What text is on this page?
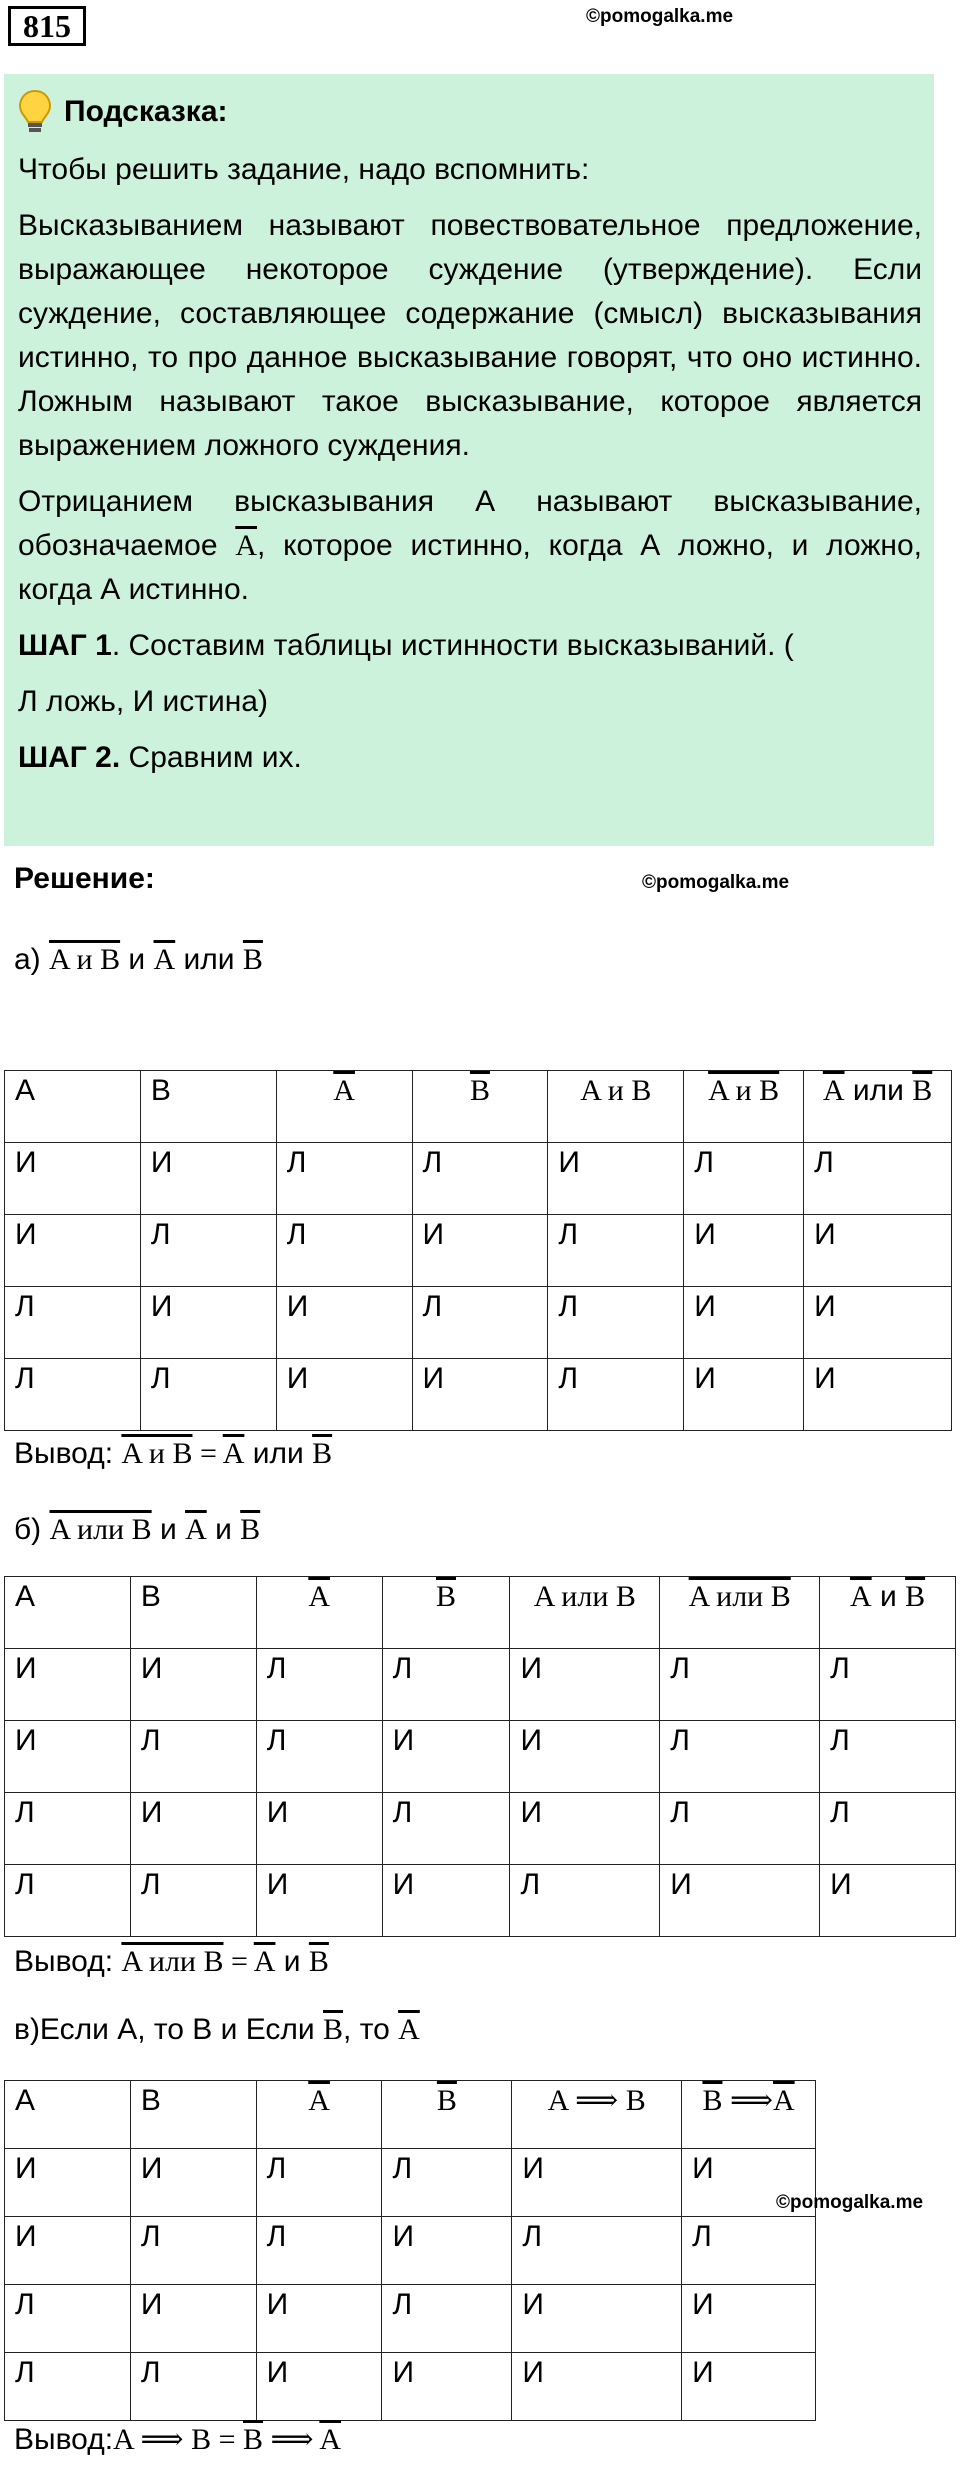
815	©pomogalka.me
Подсказка:

Чтобы решить задание, надо вспомнить:

Высказыванием называют повествовательное предложение, выражающее некоторое суждение (утверждение). Если суждение, составляющее содержание (смысл) высказывания истинно, то про данное высказывание говорят, что оно истинно. Ложным называют такое высказывание, которое является выражением ложного суждения.

Отрицанием высказывания А называют высказывание, обозначаемое $\overline{A}$, которое истинно, когда А ложно, и ложно, когда А истинно.

ШАГ 1. Составим таблицы истинности высказываний. (

Л ложь, И истина)

ШАГ 2. Сравним их.

Решение:	©pomogalka.me
а) A и B и $\overline{A}$ или $\overline{B}$
A	B	$\overline{A}$	$\overline{B}$	A и B	A и B	$\overline{A}$ или $\overline{B}$
И	И	Л	Л	И	Л	Л
И	Л	Л	И	Л	И	И
Л	И	И	Л	Л	И	И
Л	Л	И	И	Л	И	И
Вывод: A и $B = \overline{A}$ или $\overline{B}$
б) A или B и $\overline{A}$ и $\overline{B}$
A	B	$\overline{A}$	$\overline{B}$	A или B	A или B	$\overline{A}$ и $\overline{B}$
И	И	Л	Л	И	Л	Л
И	Л	Л	И	И	Л	Л
Л	И	И	Л	И	Л	Л
Л	Л	И	И	Л	И	И
Вывод: A или $B = \overline{A}$ и $\overline{B}$
в)Если А, то В и Если $\overline{B}$, то $\overline{A}$
A	B	$\overline{A}$	$\overline{B}$	A ⟹ B	$\overline{B}$ $⟹\overline{A}$
И	И	Л	Л	И	И
И	Л	Л	И	Л	Л
Л	И	И	Л	И	И
Л	Л	И	И	И	И
©pomogalka.me
Вывод:A ⟹ $B = \overline{B}$ ⟹ $\overline{A}$
